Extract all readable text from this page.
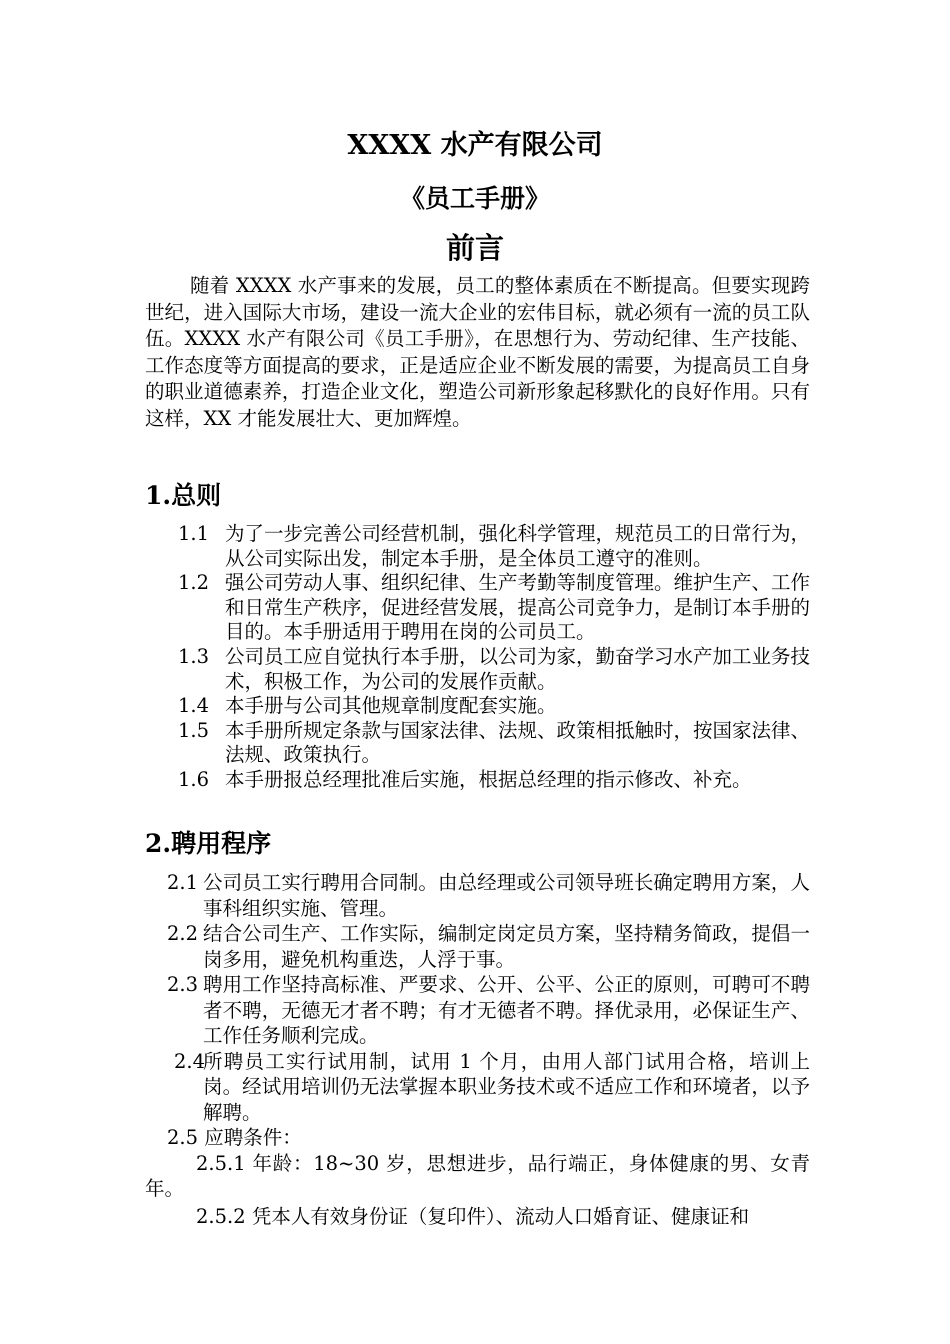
XXXX 水产有限公司
《员工手册》
前言

随着 XXXX 水产事来的发展，员工的整体素质在不断提高。但要实现跨世纪，进入国际大市场，建设一流大企业的宏伟目标，就必须有一流的员工队伍。XXXX 水产有限公司《员工手册》，在思想行为、劳动纪律、生产技能、工作态度等方面提高的要求，正是适应企业不断发展的需要，为提高员工自身的职业道德素养，打造企业文化，塑造公司新形象起移默化的良好作用。只有这样，XX 才能发展壮大、更加辉煌。

1.总则
1.1 为了一步完善公司经营机制，强化科学管理，规范员工的日常行为，从公司实际出发，制定本手册，是全体员工遵守的准则。
1.2 强公司劳动人事、组织纪律、生产考勤等制度管理。维护生产、工作和日常生产秩序，促进经营发展，提高公司竞争力，是制订本手册的目的。本手册适用于聘用在岗的公司员工。
1.3 公司员工应自觉执行本手册，以公司为家，勤奋学习水产加工业务技术，积极工作，为公司的发展作贡献。
1.4 本手册与公司其他规章制度配套实施。
1.5 本手册所规定条款与国家法律、法规、政策相抵触时，按国家法律、法规、政策执行。
1.6 本手册报总经理批准后实施，根据总经理的指示修改、补充。
2.聘用程序
2.1 公司员工实行聘用合同制。由总经理或公司领导班长确定聘用方案，人事科组织实施、管理。
2.2 结合公司生产、工作实际，编制定岗定员方案，坚持精务简政，提倡一岗多用，避免机构重迭，人浮于事。
2.3 聘用工作坚持高标准、严要求、公开、公平、公正的原则，可聘可不聘者不聘，无德无才者不聘；有才无德者不聘。择优录用，必保证生产、工作任务顺利完成。
2.4
所聘员工实行试用制，试用 1 个月，由用人部门试用合格，培训上岗。经试用培训仍无法掌握本职业务技术或不适应工作和环境者，以予解聘。
2.5 应聘条件：
2.5.1 年龄：18~30 岁，思想进步，品行端正，身体健康的男、女青年。
2.5.2 凭本人有效身份证（复印件）、流动人口婚育证、健康证和
